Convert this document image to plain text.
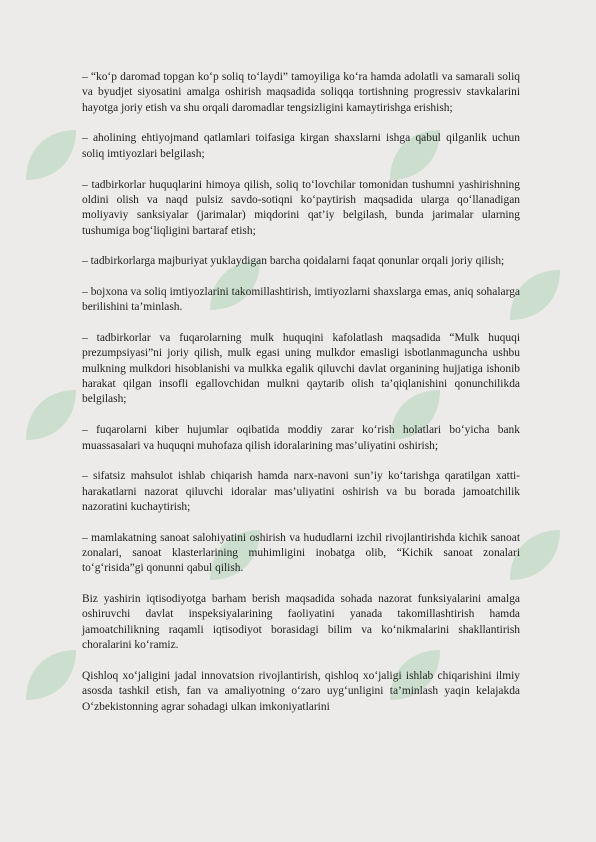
– “ko‘p daromad topgan ko‘p soliq to‘laydi” tamoyiliga ko‘ra hamda adolatli va samarali soliq va byudjet siyosatini amalga oshirish maqsadida soliqqa tortishning progressiv stavkalarini hayotga joriy etish va shu orqali daromadlar tengsizligini kamaytirishga erishish;

– aholining ehtiyojmand qatlamlari toifasiga kirgan shaxslarni ishga qabul qilganlik uchun soliq imtiyozlari belgilash;

– tadbirkorlar huquqlarini himoya qilish, soliq to‘lovchilar tomonidan tushumni yashirishning oldini olish va naqd pulsiz savdo-sotiqni ko‘paytirish maqsadida ularga qo‘llanadigan moliyaviy sanksiyalar (jarimalar) miqdorini qat’iy belgilash, bunda jarimalar ularning tushumiga bog‘liqligini bartaraf etish;

– tadbirkorlarga majburiyat yuklaydigan barcha qoidalarni faqat qonunlar orqali joriy qilish;

– bojxona va soliq imtiyozlarini takomillashtirish, imtiyozlarni shaxslarga emas, aniq sohalarga berilishini ta’minlash.

– tadbirkorlar va fuqarolarning mulk huquqini kafolatlash maqsadida “Mulk huquqi prezumpsiyasi”ni joriy qilish, mulk egasi uning mulkdor emasligi isbotlanmaguncha ushbu mulkning mulkdori hisoblanishi va mulkka egalik qiluvchi davlat organining hujjatiga ishonib harakat qilgan insofli egallovchidan mulkni qaytarib olish ta’qiqlanishini qonunchilikda belgilash;

– fuqarolarni kiber hujumlar oqibatida moddiy zarar ko‘rish holatlari bo‘yicha bank muassasalari va huquqni muhofaza qilish idoralarining mas’uliyatini oshirish;

– sifatsiz mahsulot ishlab chiqarish hamda narx-navoni sun’iy ko‘tarishga qaratilgan xatti-harakatlarni nazorat qiluvchi idoralar mas’uliyatini oshirish va bu borada jamoatchilik nazoratini kuchaytirish;

– mamlakatning sanoat salohiyatini oshirish va hududlarni izchil rivojlantirishda kichik sanoat zonalari, sanoat klasterlarining muhimligini inobatga olib, “Kichik sanoat zonalari to‘g‘risida”gi qonunni qabul qilish.

Biz yashirin iqtisodiyotga barham berish maqsadida sohada nazorat funksiyalarini amalga oshiruvchi davlat inspeksiyalarining faoliyatini yanada takomillashtirish hamda jamoatchilikning raqamli iqtisodiyot borasidagi bilim va ko‘nikmalarini shakllantirish choralarini ko‘ramiz.

Qishloq xo‘jaligini jadal innovatsion rivojlantirish, qishloq xo‘jaligi ishlab chiqarishini ilmiy asosda tashkil etish, fan va amaliyotning o‘zaro uyg‘unligini ta’minlash yaqin kelajakda O‘zbekistonning agrar sohadagi ulkan imkoniyatlarini
